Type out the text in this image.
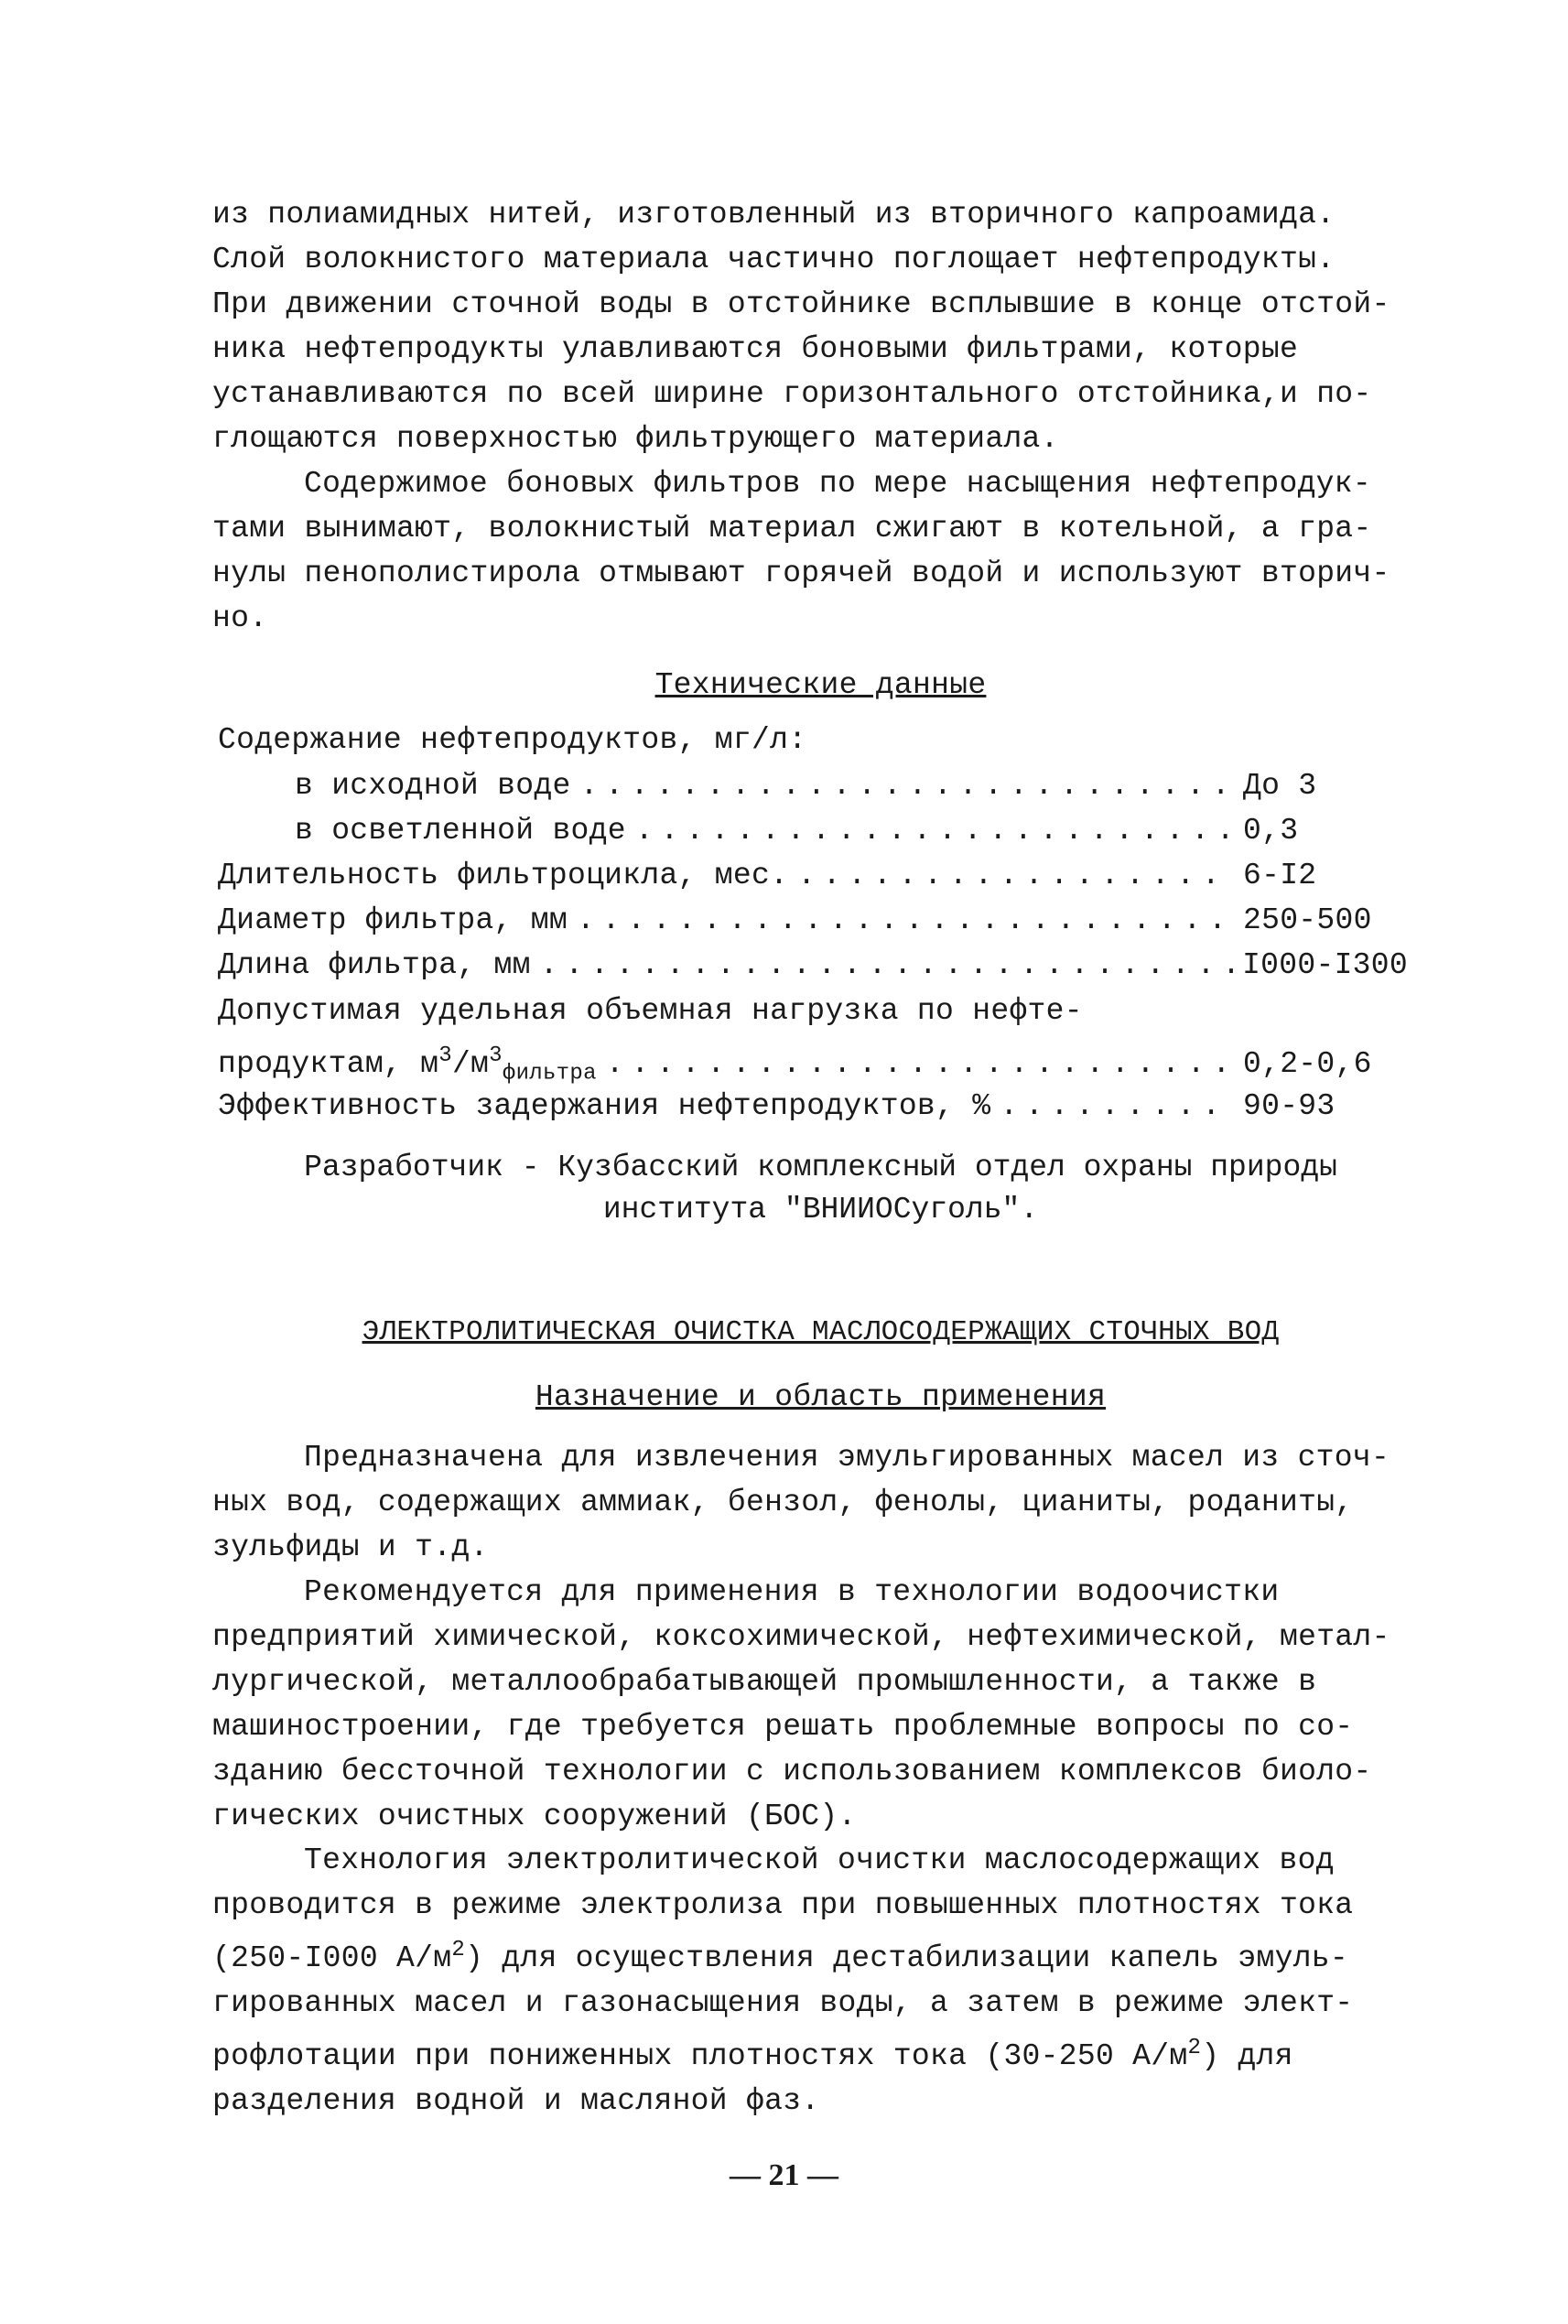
из полиамидных нитей, изготовленный из вторичного капроамида.
Слой волокнистого материала частично поглощает нефтепродукты.
При движении сточной воды в отстойнике всплывшие в конце отстой-
ника нефтепродукты улавливаются боновыми фильтрами, которые
устанавливаются по всей ширине горизонтального отстойника,и по-
глощаются поверхностью фильтрующего материала.
Содержимое боновых фильтров по мере насыщения нефтепродук-
тами вынимают, волокнистый материал сжигают в котельной, а гра-
нулы пенополистирола отмывают горячей водой и используют вторич-
но.
Технические данные
Содержание нефтепродуктов, мг/л:
в исходной воде . . .	До 3
в осветленной воде . . .	0,3
Длительность фильтроцикла, мес. . . .	6-I2
Диаметр фильтра, мм . . .	250-500
Длина фильтра, мм . . .	I000-I300
Допустимая удельная объемная нагрузка по нефте-
продуктам, $м^3/м^3_{фильтра}$ . . .	0,2-0,6
Эффективность задержания нефтепродуктов, % . . .	90-93
Разработчик - Кузбасский комплексный отдел охраны природы
института "ВНИИОСуголь".
ЭЛЕКТРОЛИТИЧЕСКАЯ ОЧИСТКА МАСЛОСОДЕРЖАЩИХ СТОЧНЫХ ВОД
Назначение и область применения
Предназначена для извлечения эмульгированных масел из сточ-
ных вод, содержащих аммиак, бензол, фенолы, цианиты, роданиты,
зульфиды и т.д.
Рекомендуется для применения в технологии водоочистки
предприятий химической, коксохимической, нефтехимической, метал-
лургической, металлообрабатывающей промышленности, а также в
машиностроении, где требуется решать проблемные вопросы по со-
зданию бессточной технологии с использованием комплексов биоло-
гических очистных сооружений (БОС).
Технология электролитической очистки маслосодержащих вод
проводится в режиме электролиза при повышенных плотностях тока
(250-I000 $А/м^2$) для осуществления дестабилизации капель эмуль-
гированных масел и газонасыщения воды, а затем в режиме элект-
рофлотации при пониженных плотностях тока (30-250 $А/м^2$) для
разделения водной и масляной фаз.
— 21 —
